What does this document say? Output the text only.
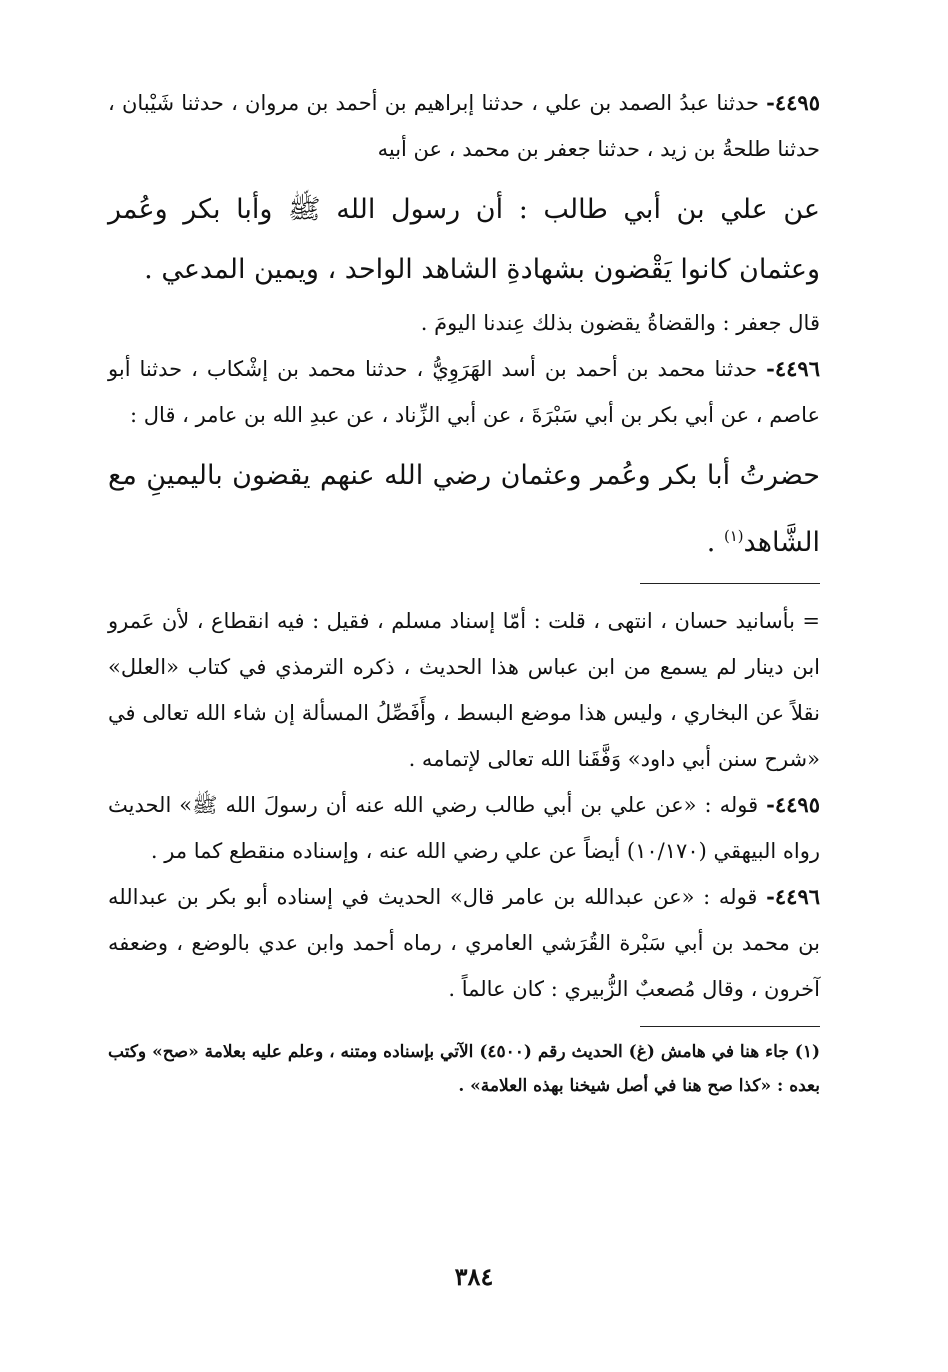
٤٤٩٥- حدثنا عبدُ الصمد بن علي ، حدثنا إبراهيم بن أحمد بن مروان ، حدثنا شَيْبان ، حدثنا طلحةُ بن زيد ، حدثنا جعفر بن محمد ، عن أبيه

عن علي بن أبي طالب : أن رسول الله ﷺ وأبا بكر وعُمر وعثمان كانوا يَقْضون بشهادةِ الشاهد الواحد ، ويمين المدعي .

قال جعفر : والقضاةُ يقضون بذلك عِندنا اليومَ .

٤٤٩٦- حدثنا محمد بن أحمد بن أسد الهَرَوِيُّ ، حدثنا محمد بن إشْكاب ، حدثنا أبو عاصم ، عن أبي بكر بن أبي سَبْرَةَ ، عن أبي الزِّناد ، عن عبدِ الله بن عامر ، قال :

حضرتُ أبا بكر وعُمر وعثمان رضي الله عنهم يقضون باليمينِ مع الشَّاهد$^{(١)}$ .

= بأسانيد حسان ، انتهى ، قلت : أمّا إسناد مسلم ، فقيل : فيه انقطاع ، لأن عَمرو ابن دينار لم يسمع من ابن عباس هذا الحديث ، ذكره الترمذي في كتاب «العلل» نقلاً عن البخاري ، وليس هذا موضع البسط ، وأَفَصِّلُ المسألة إن شاء الله تعالى في «شرح سنن أبي داود» وَفَّقَنا الله تعالى لإتمامه .

٤٤٩٥- قوله : «عن علي بن أبي طالب رضي الله عنه أن رسولَ الله ﷺ» الحديث رواه البيهقي (١٠/١٧٠) أيضاً عن علي رضي الله عنه ، وإسناده منقطع كما مر .

٤٤٩٦- قوله : «عن عبدالله بن عامر قال» الحديث في إسناده أبو بكر بن عبدالله بن محمد بن أبي سَبْرة القُرَشي العامري ، رماه أحمد وابن عدي بالوضع ، وضعفه آخرون ، وقال مُصعبٌ الزُّبيري : كان عالماً .

(١) جاء هنا في هامش (غ) الحديث رقم (٤٥٠٠) الآتي بإسناده ومتنه ، وعلم عليه بعلامة «صح» وكتب بعده : «كذا صح هنا في أصل شيخنا بهذه العلامة» .

٣٨٤
